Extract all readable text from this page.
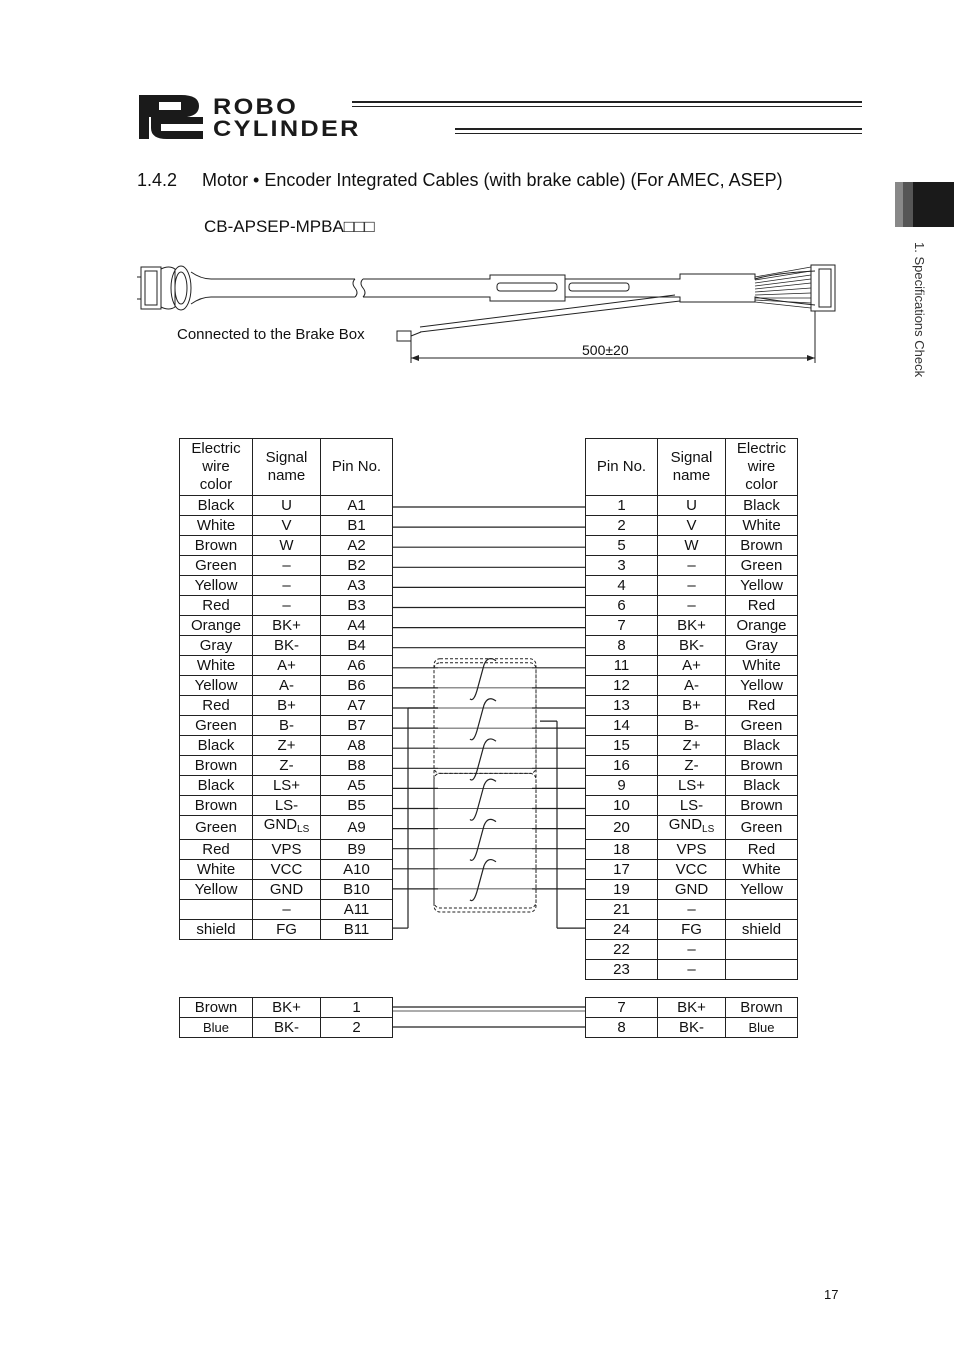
ROBO
CYLINDER
1. Specifications Check
1.4.2 Motor • Encoder Integrated Cables (with brake cable) (For AMEC, ASEP)
CB-APSEP-MPBA□□□
Connected to the Brake Box
500±20
Electric wire color	Signal name	Pin No.
Black	U	A1
White	V	B1
Brown	W	A2
Green	–	B2
Yellow	–	A3
Red	–	B3
Orange	BK+	A4
Gray	BK-	B4
White	A+	A6
Yellow	A-	B6
Red	B+	A7
Green	B-	B7
Black	Z+	A8
Brown	Z-	B8
Black	LS+	A5
Brown	LS-	B5
Green	$GND_{LS}$	A9
Red	VPS	B9
White	VCC	A10
Yellow	GND	B10
	–	A11
shield	FG	B11
Pin No.	Signal name	Electric wire color
1	U	Black
2	V	White
5	W	Brown
3	–	Green
4	–	Yellow
6	–	Red
7	BK+	Orange
8	BK-	Gray
11	A+	White
12	A-	Yellow
13	B+	Red
14	B-	Green
15	Z+	Black
16	Z-	Brown
9	LS+	Black
10	LS-	Brown
20	$GND_{LS}$	Green
18	VPS	Red
17	VCC	White
19	GND	Yellow
21	–	
24	FG	shield
22	–	
23	–	
Brown	BK+	1
Blue	BK-	2
7	BK+	Brown
8	BK-	Blue
17
